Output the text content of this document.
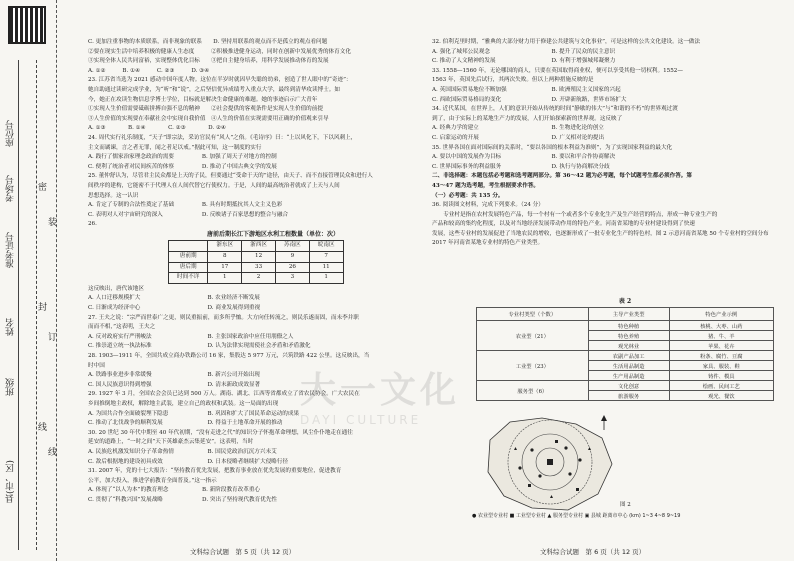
座位号
考场号
准考证号
姓名
班级
县(市、区)
密
封
线
装
订
线

C. 更加注重事物的本质联系，而非现象的联系　　D. 坚持用联系的观点而不是孤立的观点看问题

②要在现实生活中培养积极的健康人生态度　　　②积极推进健身运动，同时在创新中发展优秀的体育文化

③实现全体人民共同富裕，实现整体优化目标　　③把自主健身培养，用科学发展推动体育的发展

A. ①②　　　B. ①④　　　C. ②③　　　D. ③④

23. 江苏省当选为 2021 感动中国年度人物。这位在半岁时就因早失聪的幼弟，创造了世人眼中的“奇迹”：

她自助通过读研完成学业，为“听”和“说”，之后坚信优异成绩考入重点大学，最终到清华攻读博士。如

今，她正在攻读生物信息学博士学位，目标就是解决生命健康的难题。她的事迹启示广大青年

①实现人生价值需要砥砺拼搏自强不息的精神　　②社会提供的客观条件是实现人生价值的前提

③人生价值的实现要在奉献社会中实现自我价值　④人生的价值在实现需要用正确的价值观来引导

A. ①③　　　　B. ①④　　　　C. ②③　　　　D. ②④

24. 周代实行礼乐制度，“天子”即宗法，采访官民有“风人”之俗。《毛诗序》曰：“上以风化下，下以风刺上，

主文而谲谏，言之者无罪，闻之者足以戒。”据此可知，这一制度的实行

A. 践行了儒家治家理念政治的需要　　　　　B. 加强了周天子对地方的控制

C. 便利了统治者对民间疾苦的体察　　　　　D. 推动了中国古典文学的发展

25. 董仲舒认为，尽管君主民众都是上天的子民，但要通过“受命于天的”途径，由天子、而不直接管理民众和进行人

间秩序的建构，它能密不于代理人在人间代替它行使权力。于是，人间的最高统治者就成了上天与人间

思想选择。这一认识

A. 肯定了专制的合法性奠定了基础　　　　　B. 具有时期抵抗其人文主义色彩

C. 表明对人对宇宙研究的深入　　　　　　　D. 反映诸子百家思想的整合与融合

26.

唐前后期长江下游地区水利工程数量（单位：次）
	浙东区	浙西区	苏南区	皖南区
唐前期	8	12	9	7
唐后期	17	33	26	11
时间不详	1	2	3	1

这反映出，唐代该地区

A. 人口迁移规模扩大　　　　　　　　　　　　B. 农业经济不断发展

C. 日渐成为经济中心　　　　　　　　　　　　D. 商业发展得到重视

27. 王夫之说：“宗严而世泰广之更，则民重振前，而多所乎恤。大方向任转流之，则民乐遂而固，而未李并职

而而不相，”这表明，王夫之

A. 反对政府实行严刑峻法　　　　　　　　　　B. 主张国家政治中应任用朋僚之人

C. 推崇道立统一执法标准　　　　　　　　　　D. 认为法律实现需使社会矛盾和矛盾激化

28. 1903—1911 年，全国共成立商办铁路公司 16 家，集股达 5 977 万元，兴筑铁路 422 公里。这反映出，当

时中国

A. 铁路事业进步非常缓慢　　　　　　　　　　B. 新兴公司开始出现

C. 国人民族意识得到增强　　　　　　　　　　D. 清末新政成效显著

29. 1927 年 3 月，全国农会会员已达到 500 万人。湖南、湖北、江西等省都成立了省农民协会。广大农民在

乡间推倒地主政权，解除地主武装，建立自己的政权和武装。这一局面的出现

A. 为国共合作全面破裂埋下隐患　　　　　　　B. 巩固和扩大了国民革命运动的成果

C. 推动了北伐战争的顺利发展　　　　　　　　D. 得益于土地革命开展的推动

30. 20 世纪 30 年代中期至 40 年代初期，“没有走进之代”的知识分子怀抱革命理想，风尘仆仆地走在通往

延安的道路上，“一时之间”天下英雄豪杰云集延安”。这表明，当时

A. 民族危机激发知识分子革命热情　　　　　　B. 国民党政治沉沉方兴未艾

C. 敌后根据地的建设初具成效　　　　　　　　D. 日本侵略者继续扩大侵略行径

31. 2007 年，党的十七大报告：“坚持教育优先发展，把教育事业放在优先发展的重要地位，促进教育

公平，加大投入，推进学前教育全面普及。”这一指示

A. 体现了“以人为本”的教育理念　　　　　　B. 新阶段教育改革重心

C. 贯彻了“科教兴国”发展战略　　　　　　　D. 突出了坚持现代教育优先性

32. 伯利克里时期，“雅典的大部分财力用于修建公共建筑与文化事业”，可是这样的公共文化建设。这一做法

A. 强化了城邦公民观念　　　　　　　　　　　B. 提升了民众的民主意识

C. 推动了人文精神的发展　　　　　　　　　　D. 有利于增强城邦凝聚力

33. 1558—1560 年，无论哪国的商人，只要在英国取得商业权，便可以享受其他一切权利。1552—

1563 年，英国先后试行，其两次失败。但以上两种措施反映的是

A. 英国国际贸易地位不断加强　　　　　　　　B. 欧洲殖民主义国家的兴起

C. 西欧国际贸易格局的变化　　　　　　　　　D. 开辟新航路，世界市场扩大

34. 近代某国，在世界上，人们的意识开始从传统的时间“静歇的伟大”与“和谐的不朽”的世界观过渡

到了，由于实际上的某地生产力的发展，人们开始探索新的世界观。这反映了

A. 经典力学的建立　　　　　　　　　　　　　B. 生物进化论的创立

C. 启蒙运动的开展　　　　　　　　　　　　　D. 广义相对论的提出

35. 世界各国在面对国际间的关系时，“要以各国的根本利益为准则”，为了实现国家利益的最大化

A. 要以中国的发展作为目标　　　　　　　　　B. 要以和平合作协商解决

C. 世界国际事务的利益服务　　　　　　　　　D. 执行与协商解决分歧

二、非选择题：本题包括必考题和选考题两部分。第 36～42 题为必考题，每个试题考生都必须作答。第

43～47 题为选考题，考生根据要求作答。

（一）必考题：共 135 分。

36. 阅读图文材料，完成下列要求。（24 分）

　　专业村是指在农村发展特色产品，每一个村有一个或者多个专业化生产及生产经营的特点，形成一种专业生产的

产品和较高的集约化程度，以及对当地经济发展带动作用的特色产业。河南省某地的专业村建设得到了快速

发展，这些专业村的发展促进了当地农民的增收，也逐渐形成了一批专业化生产的特色村，图 2 示意河南省某地 50 个专业村的空间分布

2017 年河南省某地专业村的特色产业类型。

表 2
专业村类型（个数）	主导产业类型	特色产业示例
农业型（21）	特色种植	核桃、大枣、山药
	特色养殖	猪、牛、羊
	观光林业	苹果、花卉
工业型（23）	农副产品加工	粉条、腐竹、豆腐
	生活用品制造	家具、服装、鞋
	生产用品制造	铸件、模具
服务型（6）	文化创意	绘画、民间工艺
	旅游服务	观光、餐饮
图 2
● 农业型专业村 ■ 工业型专业村 ▲ 服务型专业村 ▣ 县城 距离市中心 (km) 1~3 4~8 9~19
大一文化
DAYI CULTURE
文科综合试题　第 5 页（共 12 页）	文科综合试题　第 6 页（共 12 页）
